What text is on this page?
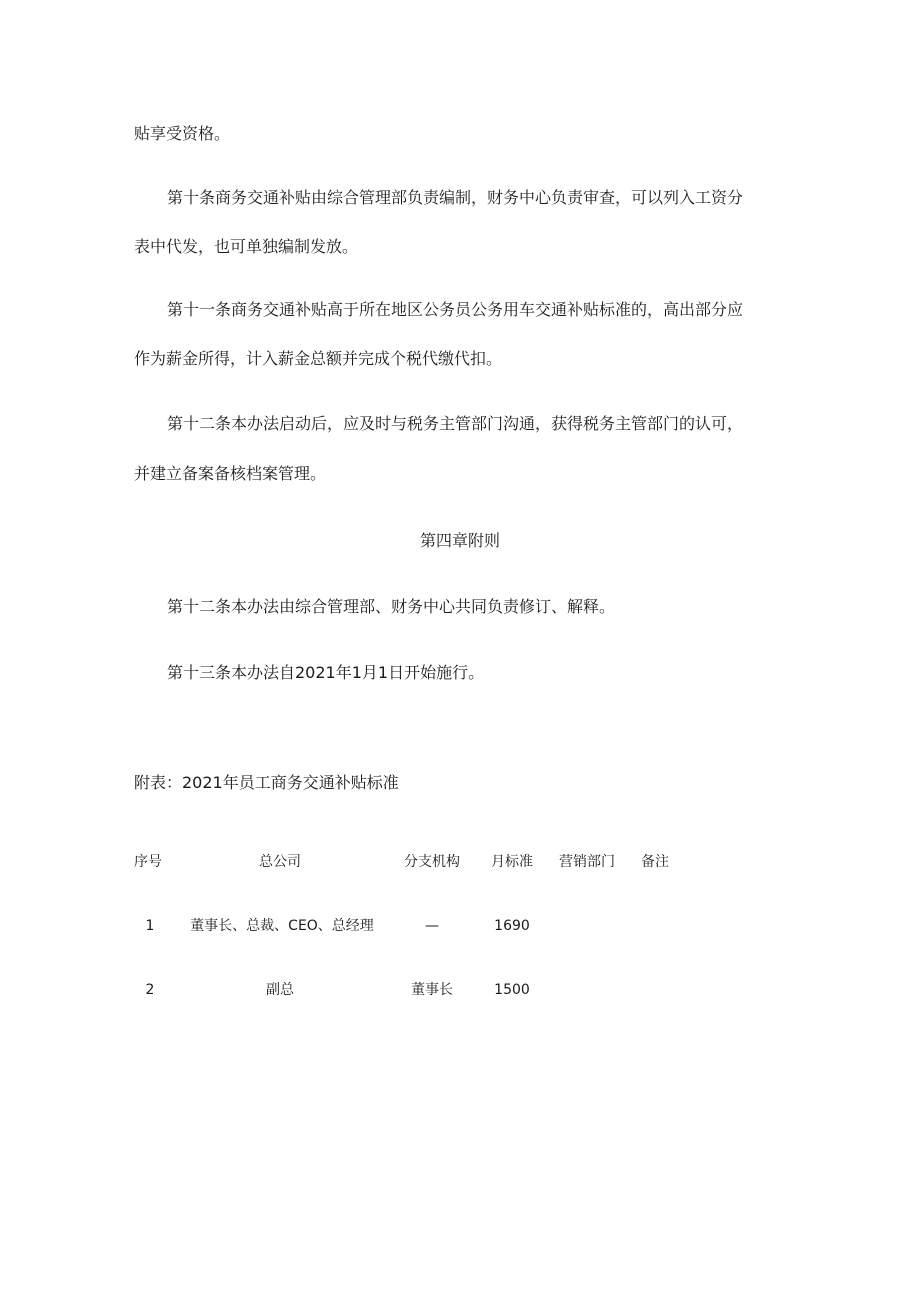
贴享受资格。
第十条商务交通补贴由综合管理部负责编制，财务中心负责审查，可以列入工资分
表中代发，也可单独编制发放。
第十一条商务交通补贴高于所在地区公务员公务用车交通补贴标准的，高出部分应
作为薪金所得，计入薪金总额并完成个税代缴代扣。
第十二条本办法启动后，应及时与税务主管部门沟通，获得税务主管部门的认可，
并建立备案备核档案管理。
第四章附则
第十二条本办法由综合管理部、财务中心共同负责修订、解释。
第十三条本办法自2021年1月1日开始施行。
附表：2021年员工商务交通补贴标准
序号	总公司	分支机构	月标准	营销部门	备注
1	董事长、总裁、CEO、总经理	—	1690
2	副总	董事长	1500
